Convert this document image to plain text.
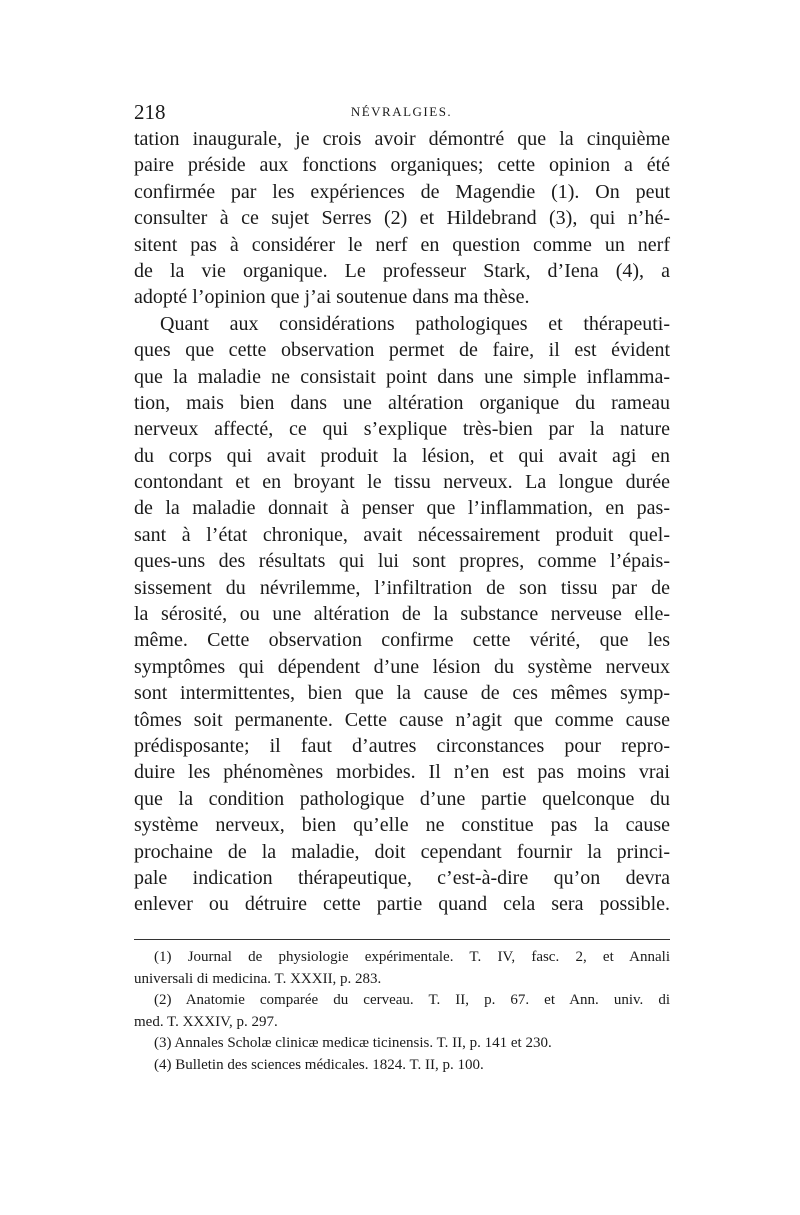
218	NÉVRALGIES.
tation inaugurale, je crois avoir démontré que la cinquième
paire préside aux fonctions organiques; cette opinion a été
confirmée par les expériences de Magendie (1). On peut
consulter à ce sujet Serres (2) et Hildebrand (3), qui n’hé-
sitent pas à considérer le nerf en question comme un nerf
de la vie organique. Le professeur Stark, d’Iena (4), a
adopté l’opinion que j’ai soutenue dans ma thèse.
Quant aux considérations pathologiques et thérapeuti-
ques que cette observation permet de faire, il est évident
que la maladie ne consistait point dans une simple inflamma-
tion, mais bien dans une altération organique du rameau
nerveux affecté, ce qui s’explique très-bien par la nature
du corps qui avait produit la lésion, et qui avait agi en
contondant et en broyant le tissu nerveux. La longue durée
de la maladie donnait à penser que l’inflammation, en pas-
sant à l’état chronique, avait nécessairement produit quel-
ques-uns des résultats qui lui sont propres, comme l’épais-
sissement du névrilemme, l’infiltration de son tissu par de
la sérosité, ou une altération de la substance nerveuse elle-
même. Cette observation confirme cette vérité, que les
symptômes qui dépendent d’une lésion du système nerveux
sont intermittentes, bien que la cause de ces mêmes symp-
tômes soit permanente. Cette cause n’agit que comme cause
prédisposante; il faut d’autres circonstances pour repro-
duire les phénomènes morbides. Il n’en est pas moins vrai
que la condition pathologique d’une partie quelconque du
système nerveux, bien qu’elle ne constitue pas la cause
prochaine de la maladie, doit cependant fournir la princi-
pale indication thérapeutique, c’est-à-dire qu’on devra
enlever ou détruire cette partie quand cela sera possible.
(1) Journal de physiologie expérimentale. T. IV, fasc. 2, et Annali
universali di medicina. T. XXXII, p. 283.
(2) Anatomie comparée du cerveau. T. II, p. 67. et Ann. univ. di
med. T. XXXIV, p. 297.
(3) Annales Scholæ clinicæ medicæ ticinensis. T. II, p. 141 et 230.
(4) Bulletin des sciences médicales. 1824. T. II, p. 100.
